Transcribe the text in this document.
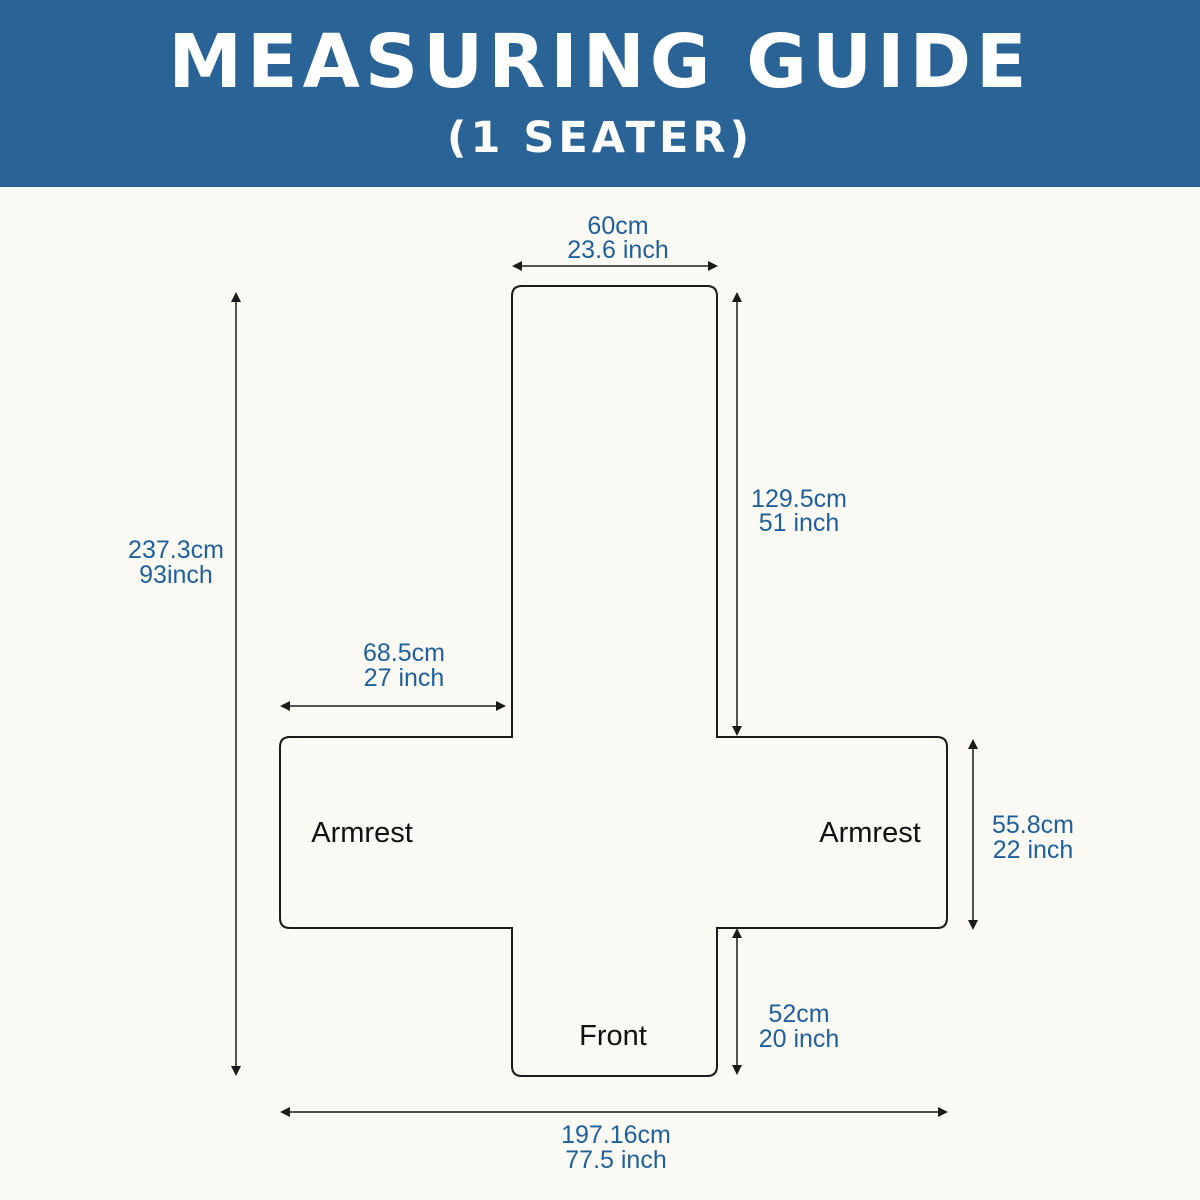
MEASURING GUIDE
(1 SEATER)
60cm
23.6 inch
129.5cm
51 inch
237.3cm
93inch
68.5cm
27 inch
55.8cm
22 inch
52cm
20 inch
197.16cm
77.5 inch
Armrest	Armrest
Front
